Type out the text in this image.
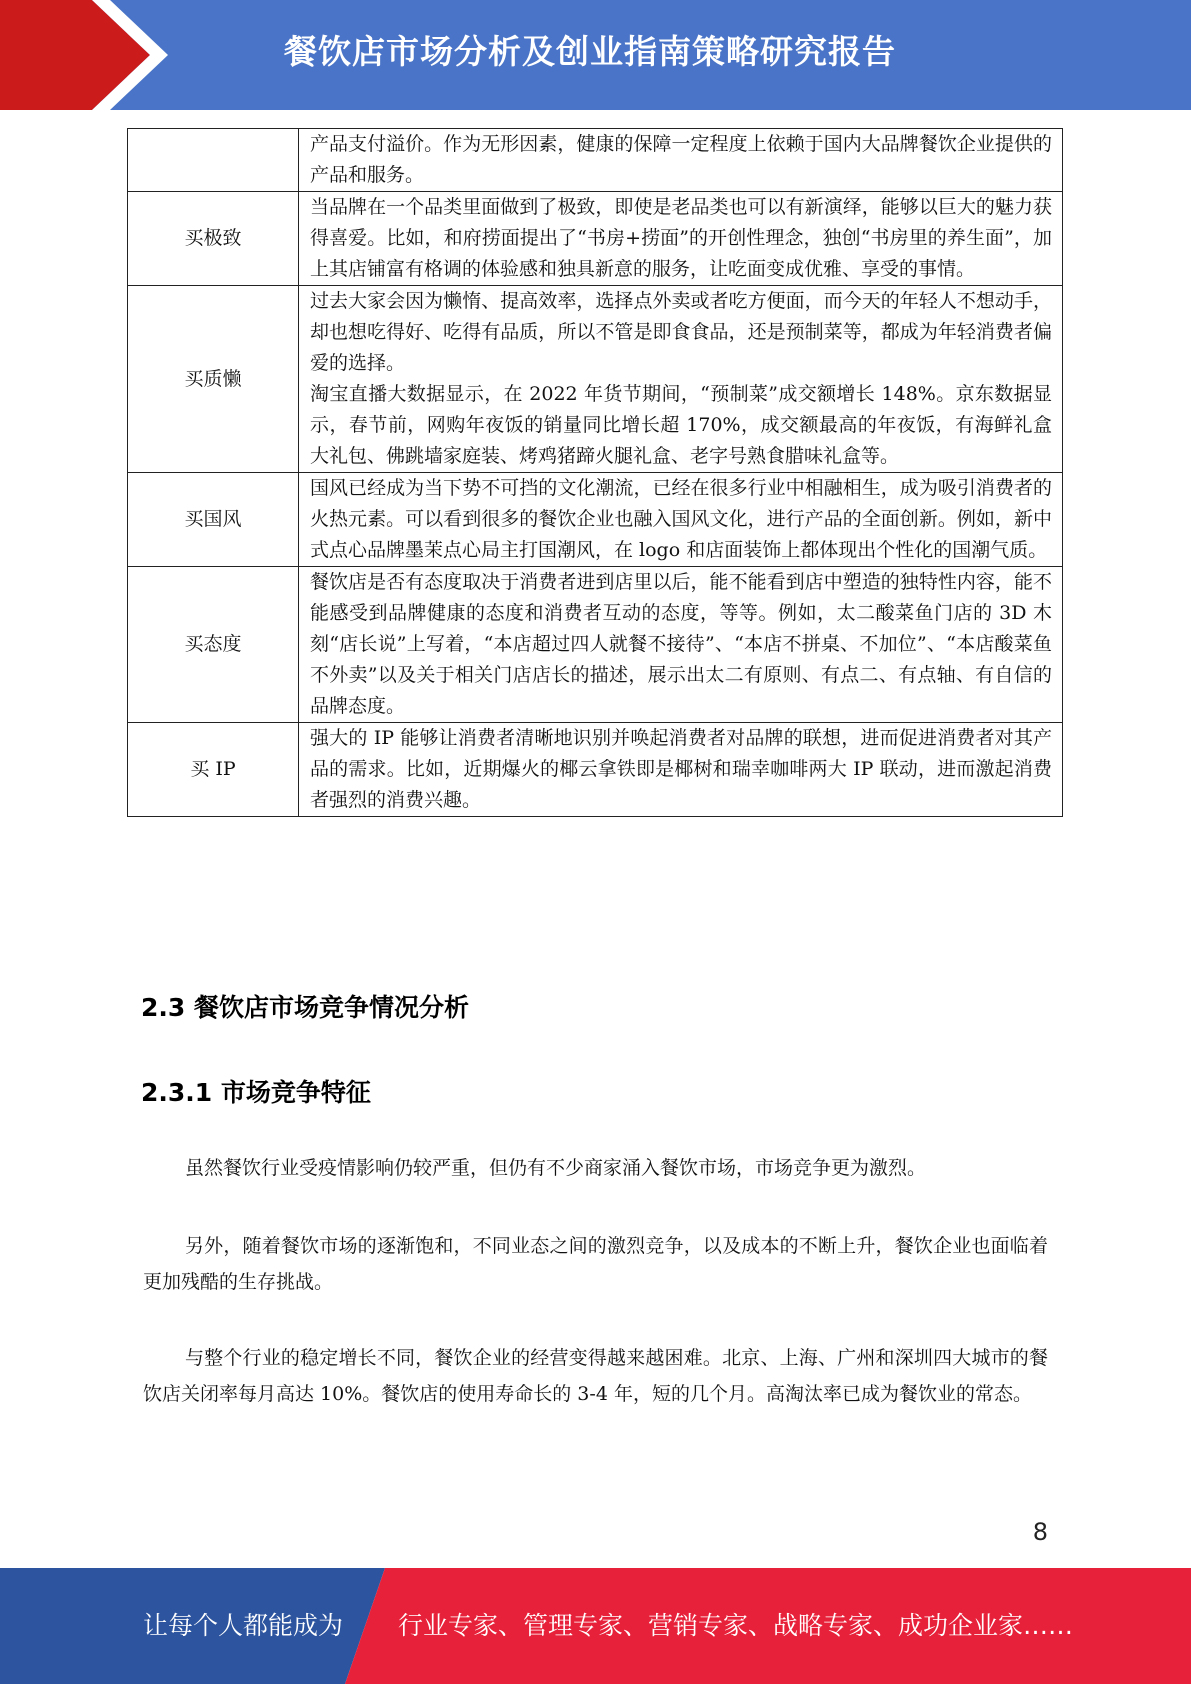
餐饮店市场分析及创业指南策略研究报告

	产品支付溢价。作为无形因素，健康的保障一定程度上依赖于国内大品牌餐饮企业提供的产品和服务。

买极致	当品牌在一个品类里面做到了极致，即使是老品类也可以有新演绎，能够以巨大的魅力获得喜爱。比如，和府捞面提出了“书房+捞面”的开创性理念，独创“书房里的养生面”，加上其店铺富有格调的体验感和独具新意的服务，让吃面变成优雅、享受的事情。

买质懒	过去大家会因为懒惰、提高效率，选择点外卖或者吃方便面，而今天的年轻人不想动手，却也想吃得好、吃得有品质，所以不管是即食食品，还是预制菜等，都成为年轻消费者偏爱的选择。

淘宝直播大数据显示，在 2022 年货节期间，“预制菜”成交额增长 148%。京东数据显示，春节前，网购年夜饭的销量同比增长超 170%，成交额最高的年夜饭，有海鲜礼盒大礼包、佛跳墙家庭装、烤鸡猪蹄火腿礼盒、老字号熟食腊味礼盒等。

买国风	国风已经成为当下势不可挡的文化潮流，已经在很多行业中相融相生，成为吸引消费者的火热元素。可以看到很多的餐饮企业也融入国风文化，进行产品的全面创新。例如，新中式点心品牌墨茉点心局主打国潮风，在 logo 和店面装饰上都体现出个性化的国潮气质。

买态度	餐饮店是否有态度取决于消费者进到店里以后，能不能看到店中塑造的独特性内容，能不能感受到品牌健康的态度和消费者互动的态度，等等。例如，太二酸菜鱼门店的 3D 木刻“店长说”上写着，“本店超过四人就餐不接待”、“本店不拼桌、不加位”、“本店酸菜鱼不外卖”以及关于相关门店店长的描述，展示出太二有原则、有点二、有点轴、有自信的品牌态度。

买 IP	强大的 IP 能够让消费者清晰地识别并唤起消费者对品牌的联想，进而促进消费者对其产品的需求。比如，近期爆火的椰云拿铁即是椰树和瑞幸咖啡两大 IP 联动，进而激起消费者强烈的消费兴趣。

2.3 餐饮店市场竞争情况分析
2.3.1 市场竞争特征

虽然餐饮行业受疫情影响仍较严重，但仍有不少商家涌入餐饮市场，市场竞争更为激烈。

另外，随着餐饮市场的逐渐饱和，不同业态之间的激烈竞争，以及成本的不断上升，餐饮企业也面临着更加残酷的生存挑战。

与整个行业的稳定增长不同，餐饮企业的经营变得越来越困难。北京、上海、广州和深圳四大城市的餐饮店关闭率每月高达 10%。餐饮店的使用寿命长的 3-4 年，短的几个月。高淘汰率已成为餐饮业的常态。

8
让每个人都能成为 行业专家、管理专家、营销专家、战略专家、成功企业家……
